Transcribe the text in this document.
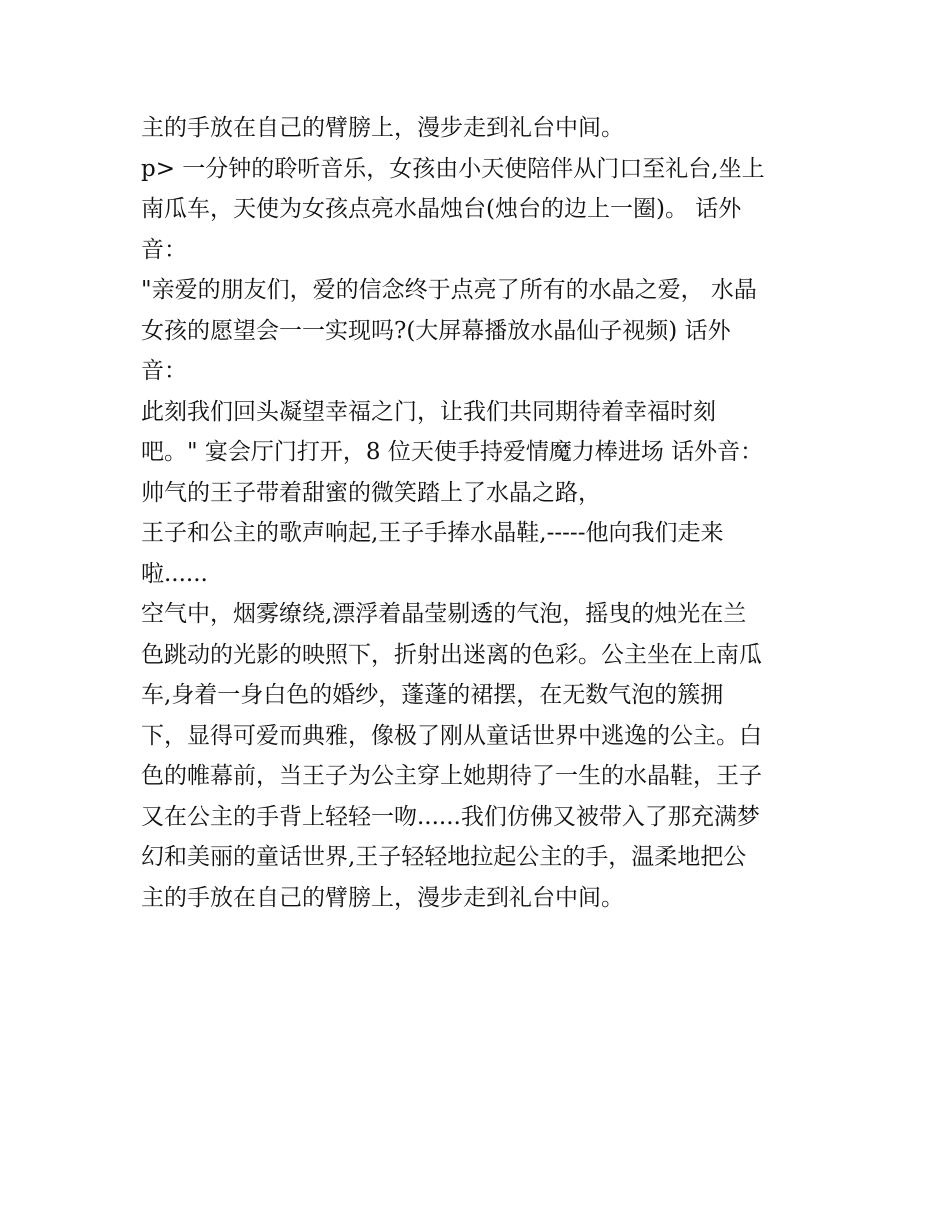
主的手放在自己的臂膀上，漫步走到礼台中间。
p> 一分钟的聆听音乐，女孩由小天使陪伴从门口至礼台,坐上
南瓜车，天使为女孩点亮水晶烛台(烛台的边上一圈)。 话外
音：
"亲爱的朋友们，爱的信念终于点亮了所有的水晶之爱， 水晶
女孩的愿望会一一实现吗?(大屏幕播放水晶仙子视频) 话外
音：
此刻我们回头凝望幸福之门，让我们共同期待着幸福时刻
吧。" 宴会厅门打开，8 位天使手持爱情魔力棒进场 话外音：
帅气的王子带着甜蜜的微笑踏上了水晶之路，
王子和公主的歌声响起,王子手捧水晶鞋,-----他向我们走来
啦......
空气中，烟雾缭绕,漂浮着晶莹剔透的气泡，摇曳的烛光在兰
色跳动的光影的映照下，折射出迷离的色彩。公主坐在上南瓜
车,身着一身白色的婚纱，蓬蓬的裙摆，在无数气泡的簇拥
下，显得可爱而典雅，像极了刚从童话世界中逃逸的公主。白
色的帷幕前，当王子为公主穿上她期待了一生的水晶鞋，王子
又在公主的手背上轻轻一吻......我们仿佛又被带入了那充满梦
幻和美丽的童话世界,王子轻轻地拉起公主的手，温柔地把公
主的手放在自己的臂膀上，漫步走到礼台中间。
